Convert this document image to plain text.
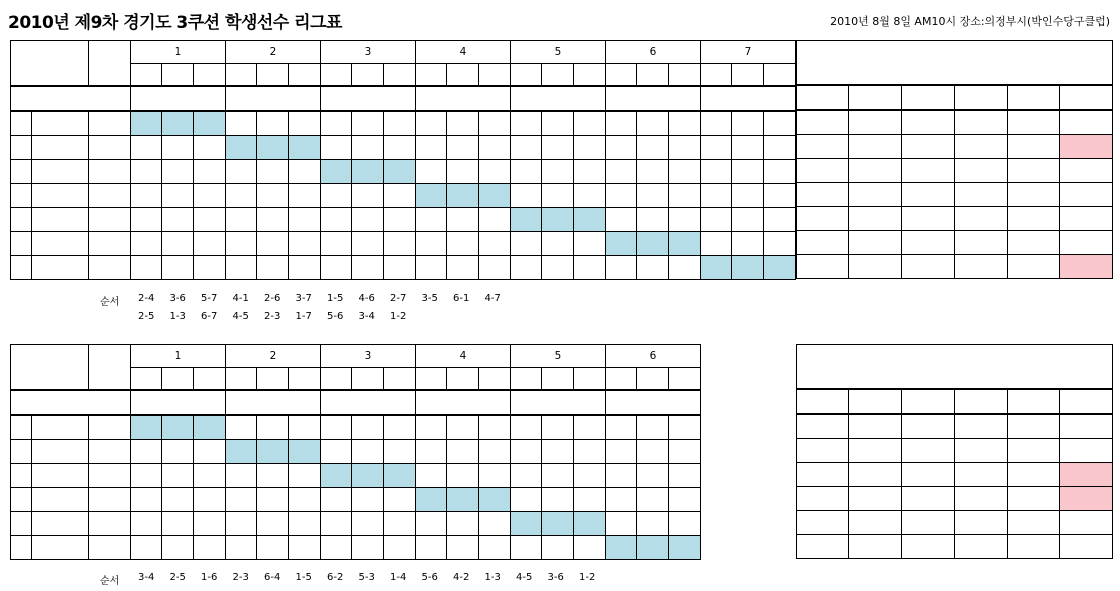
2010년 제9차 경기도 3쿠션 학생선수 리그표	2010년 8월 8일 AM10시 장소:의정부시(박인수당구클럽)
			1			2			3			4			5			6			7		

순서 2-4 3-6 5-7 4-1 2-6 3-7 1-5 4-6 2-7 3-5 6-1 4-7
2-5 1-3 6-7 4-5 2-3 1-7 5-6 3-4 1-2
			1			2			3			4			5			6		

순서 3-4 2-5 1-6 2-3 6-4 1-5 6-2 5-3 1-4 5-6 4-2 1-3 4-5 3-6 1-2
